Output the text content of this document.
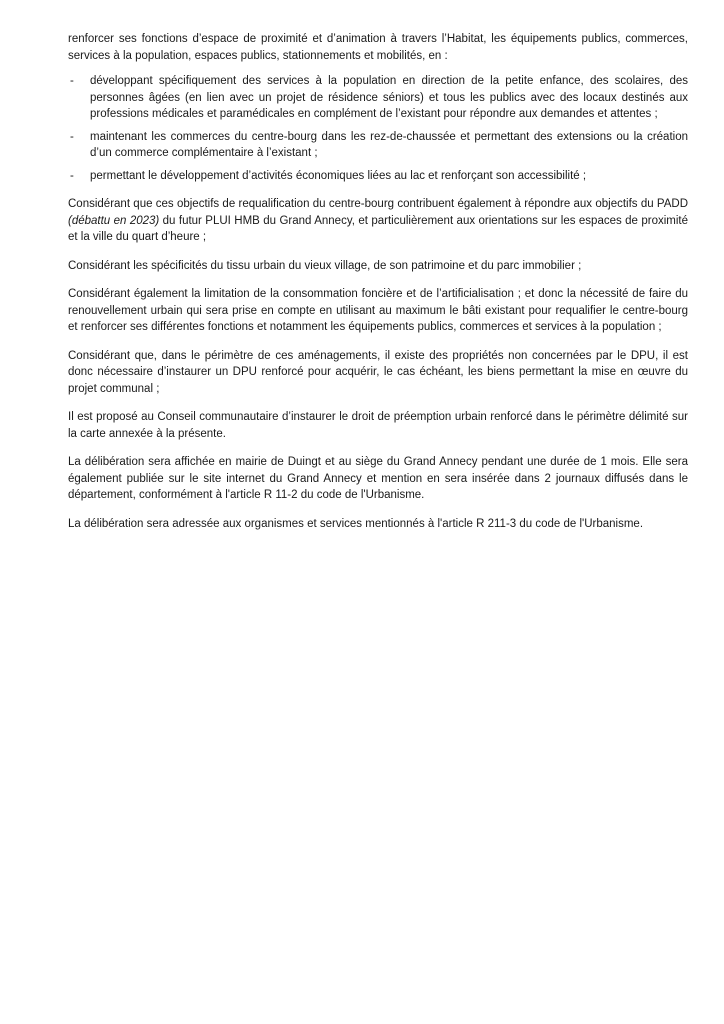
renforcer ses fonctions d’espace de proximité et d’animation à travers l’Habitat, les équipements publics, commerces, services à la population, espaces publics, stationnements et mobilités, en :

- développant spécifiquement des services à la population en direction de la petite enfance, des scolaires, des personnes âgées (en lien avec un projet de résidence séniors) et tous les publics avec des locaux destinés aux professions médicales et paramédicales en complément de l’existant pour répondre aux demandes et attentes ;
- maintenant les commerces du centre-bourg dans les rez-de-chaussée et permettant des extensions ou la création d’un commerce complémentaire à l’existant ;
- permettant le développement d’activités économiques liées au lac et renforçant son accessibilité ;

Considérant que ces objectifs de requalification du centre-bourg contribuent également à répondre aux objectifs du PADD (débattu en 2023) du futur PLUI HMB du Grand Annecy, et particulièrement aux orientations sur les espaces de proximité et la ville du quart d’heure ;

Considérant les spécificités du tissu urbain du vieux village, de son patrimoine et du parc immobilier ;

Considérant également la limitation de la consommation foncière et de l’artificialisation ; et donc la nécessité de faire du renouvellement urbain qui sera prise en compte en utilisant au maximum le bâti existant pour requalifier le centre-bourg et renforcer ses différentes fonctions et notamment les équipements publics, commerces et services à la population ;

Considérant que, dans le périmètre de ces aménagements, il existe des propriétés non concernées par le DPU, il est donc nécessaire d’instaurer un DPU renforcé pour acquérir, le cas échéant, les biens permettant la mise en œuvre du projet communal ;

Il est proposé au Conseil communautaire d’instaurer le droit de préemption urbain renforcé dans le périmètre délimité sur la carte annexée à la présente.

La délibération sera affichée en mairie de Duingt et au siège du Grand Annecy pendant une durée de 1 mois. Elle sera également publiée sur le site internet du Grand Annecy et mention en sera insérée dans 2 journaux diffusés dans le département, conformément à l'article R 11-2 du code de l'Urbanisme.

La délibération sera adressée aux organismes et services mentionnés à l'article R 211-3 du code de l'Urbanisme.
